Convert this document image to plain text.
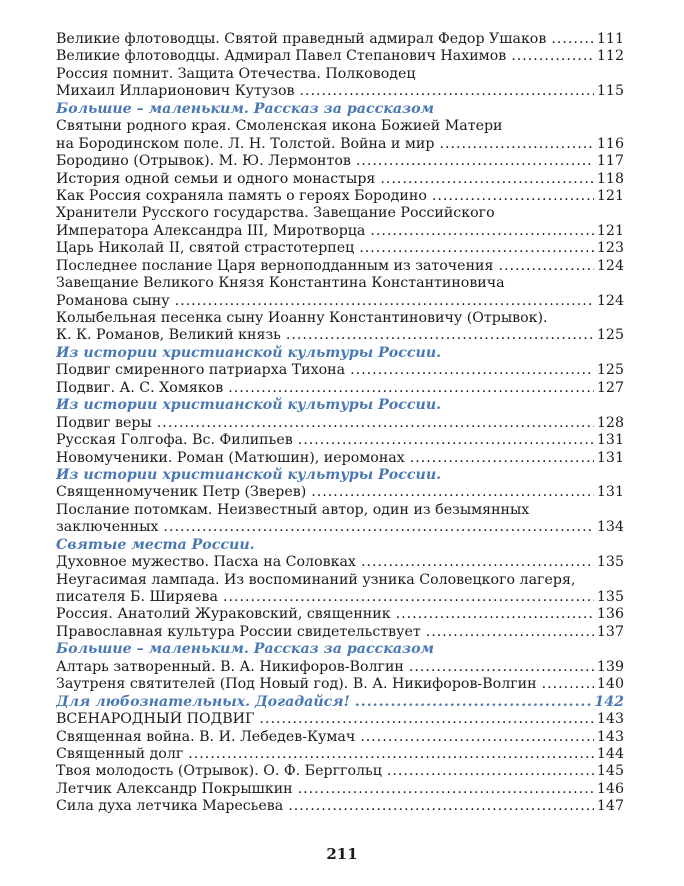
Великие флотоводцы. Святой праведный адмирал Федор Ушаков .....	111
Великие флотоводцы. Адмирал Павел Степанович Нахимов .....	112
Россия помнит. Защита Отечества. Полководец
Михаил Илларионович Кутузов .....	115
Большие – маленьким. Рассказ за рассказом
Святыни родного края. Смоленская икона Божией Матери
на Бородинском поле. Л. Н. Толстой. Война и мир .....	116
Бородино (Отрывок). М. Ю. Лермонтов .....	117
История одной семьи и одного монастыря .....	118
Как Россия сохраняла память о героях Бородино .....	121
Хранители Русского государства. Завещание Российского
Императора Александра III, Миротворца .....	121
Царь Николай II, святой страстотерпец .....	123
Последнее послание Царя верноподданным из заточения .....	124
Завещание Великого Князя Константина Константиновича
Романова сыну .....	124
Колыбельная песенка сыну Иоанну Константиновичу (Отрывок).
К. К. Романов, Великий князь .....	125
Из истории христианской культуры России.
Подвиг смиренного патриарха Тихона .....	125
Подвиг. А. С. Хомяков .....	127
Из истории христианской культуры России.
Подвиг веры .....	128
Русская Голгофа. Вс. Филипьев .....	131
Новомученики. Роман (Матюшин), иеромонах .....	131
Из истории христианской культуры России.
Священномученик Петр (Зверев) .....	131
Послание потомкам. Неизвестный автор, один из безымянных
заключенных .....	134
Святые места России.
Духовное мужество. Пасха на Соловках .....	135
Неугасимая лампада. Из воспоминаний узника Соловецкого лагеря,
писателя Б. Ширяева .....	135
Россия. Анатолий Жураковский, священник .....	136
Православная культура России свидетельствует .....	137
Большие – маленьким. Рассказ за рассказом
Алтарь затворенный. В. А. Никифоров-Волгин .....	139
Заутреня святителей (Под Новый год). В. А. Никифоров-Волгин .....	140
Для любознательных. Догадайся! .....	142
ВСЕНАРОДНЫЙ ПОДВИГ .....	143
Священная война. В. И. Лебедев-Кумач .....	143
Священный долг .....	144
Твоя молодость (Отрывок). О. Ф. Берггольц .....	145
Летчик Александр Покрышкин .....	146
Сила духа летчика Маресьева .....	147
211
